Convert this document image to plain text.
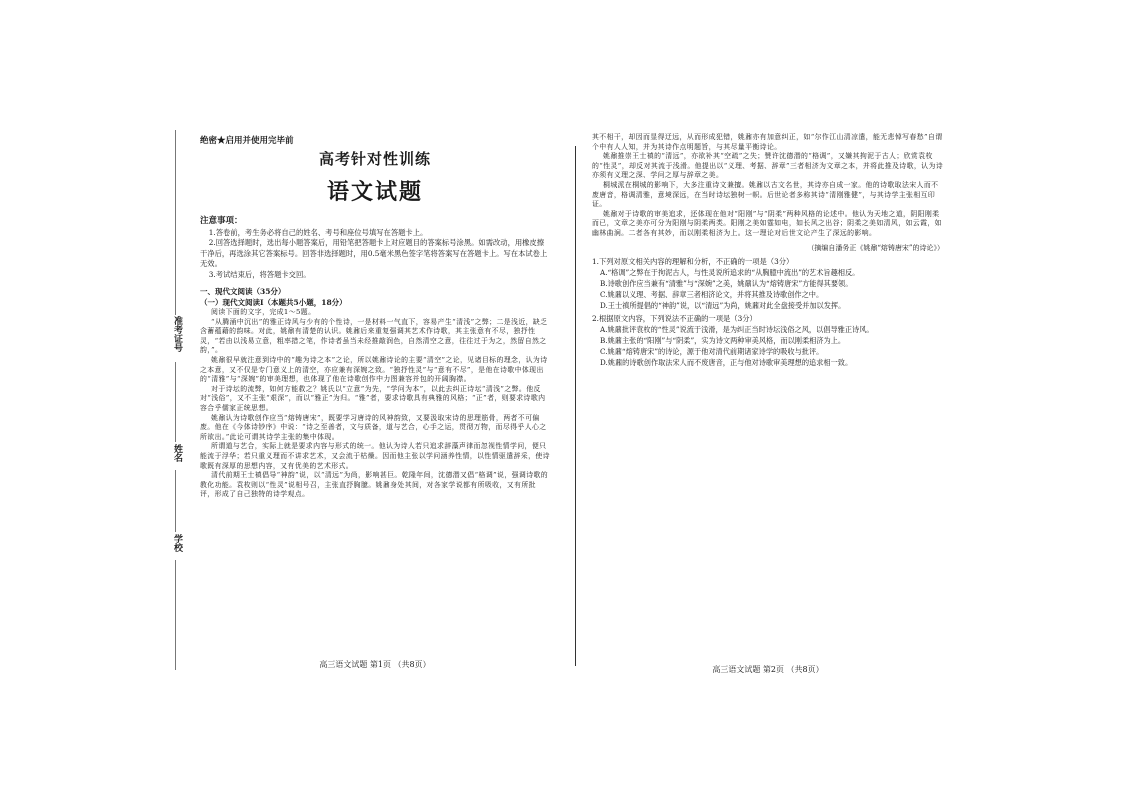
准考证号
姓名
学校

绝密★启用并使用完毕前

高考针对性训练
语文试题

注意事项：

1.答卷前，考生务必将自己的姓名、考号和座位号填写在答题卡上。

2.回答选择题时，选出每小题答案后，用铅笔把答题卡上对应题目的答案标号涂黑。如需改动，用橡皮擦干净后，再选涂其它答案标号。回答非选择题时，用0.5毫米黑色签字笔将答案写在答题卡上。写在本试卷上无效。

3.考试结束后，将答题卡交回。

一、现代文阅读（35分）

（一）现代文阅读Ⅰ（本题共5小题，18分）

阅读下面的文字，完成1～5题。

“从腾涌中沉出”的雅正诗风与少有的个性诗，一是材料一气直下，容易产生“清浅”之弊；二是浅近，缺乏含蓄蕴藉的韵味。对此，姚鼐有清楚的认识。姚鼐后来重复强调其艺术作诗歌，其主张意有不尽，独抒性灵，“若由以浅易立意，粗率措之笔，作诗者虽当未经推敲润色，自然清空之意，往往过于为之，然留自然之韵，”。

姚鼐很早就注意到诗中的“趣为诗之本”之论，所以姚鼐诗论的主要“清空”之论，见诸目标的理念，认为诗之本意，又不仅是专门意义上的清空，亦应兼有深婉之致。“独抒性灵”与“意有不尽”，是他在诗歌中体现出的“清雅”与“深婉”的审美理想，也体现了他在诗歌创作中力图兼容并包的开阔胸襟。

对于诗坛的流弊，如何方能救之？姚氏以“立意”为先，“学问为本”，以此去纠正诗坛“清浅”之弊。他反对“浅俗”，又不主张“艰深”，而以“雅正”为归。“雅”者，要求诗歌具有典雅的风格；“正”者，则要求诗歌内容合乎儒家正统思想。

姚鼐认为诗歌创作应当“熔铸唐宋”，既要学习唐诗的风神韵致，又要汲取宋诗的思理筋骨，两者不可偏废。他在《今体诗钞序》中说：“诗之至善者，文与质备，道与艺合，心手之运，贯彻万物，而尽得乎人心之所欲出。”此论可谓其诗学主张的集中体现。

所谓道与艺合，实际上就是要求内容与形式的统一。他认为诗人若只追求辞藻声律而忽视性情学问，便只能流于浮华；若只重义理而不讲求艺术，又会流于枯燥。因而他主张以学问涵养性情，以性情驱遣辞采，使诗歌既有深厚的思想内容，又有优美的艺术形式。

清代前期王士禛倡导“神韵”说，以“清远”为尚，影响甚巨。乾隆年间，沈德潜又倡“格调”说，强调诗歌的教化功能。袁枚则以“性灵”说相号召，主张直抒胸臆。姚鼐身处其间，对各家学说都有所吸收，又有所批评，形成了自己独特的诗学观点。

高三语文试题 第1页 （共8页）

其不相干，却因而显得迂远，从而形成犯错，姚鼐亦有加意纠正，如“尔作江山清凉遣，能无悲悼写春愁”自谓个中有人人知，并为其诗作点明题旨，与其尽量平衡诗论。

姚鼐推崇王士禛的“清远”，亦欲补其“空疏”之失；赞许沈德潜的“格调”，又嫌其拘泥于古人；欣赏袁枚的“性灵”，却反对其流于浅滑。他提出以“义理、考据、辞章”三者相济为文章之本，并将此推及诗歌，认为诗亦须有义理之深、学问之厚与辞章之美。

桐城派在桐城的影响下，大多注重诗文兼擅。姚鼐以古文名世，其诗亦自成一家。他的诗歌取法宋人而不废唐音，格调清雅，意境深远，在当时诗坛独树一帜。后世论者多称其诗“清刚雅健”，与其诗学主张相互印证。

姚鼐对于诗歌的审美追求，还体现在他对“阳刚”与“阴柔”两种风格的论述中。他认为天地之道，阴阳刚柔而已，文章之美亦可分为阳刚与阴柔两类。阳刚之美如霆如电，如长风之出谷；阴柔之美如清风，如云霞，如幽林曲涧。二者各有其妙，而以刚柔相济为上。这一理论对后世文论产生了深远的影响。

（摘编自潘务正《姚鼐“熔铸唐宋”的诗论》）

1.下列对原文相关内容的理解和分析，不正确的一项是（3分）

A.“格调”之弊在于拘泥古人，与性灵说所追求的“从胸臆中流出”的艺术旨趣相反。

B.诗歌创作应当兼有“清雅”与“深婉”之美，姚鼐认为“熔铸唐宋”方能得其要领。

C.姚鼐以义理、考据、辞章三者相济论文，并将其推及诗歌创作之中。

D.王士禛所提倡的“神韵”说，以“清远”为尚，姚鼐对此全盘接受并加以发挥。

2.根据原文内容，下列说法不正确的一项是（3分）

A.姚鼐批评袁枚的“性灵”说流于浅滑，是为纠正当时诗坛浅俗之风，以倡导雅正诗风。

B.姚鼐主张的“阳刚”与“阴柔”，实为诗文两种审美风格，而以刚柔相济为上。

C.姚鼐“熔铸唐宋”的诗论，源于他对清代前期诸家诗学的吸收与批评。

D.姚鼐的诗歌创作取法宋人而不废唐音，正与他对诗歌审美理想的追求相一致。

高三语文试题 第2页 （共8页）
